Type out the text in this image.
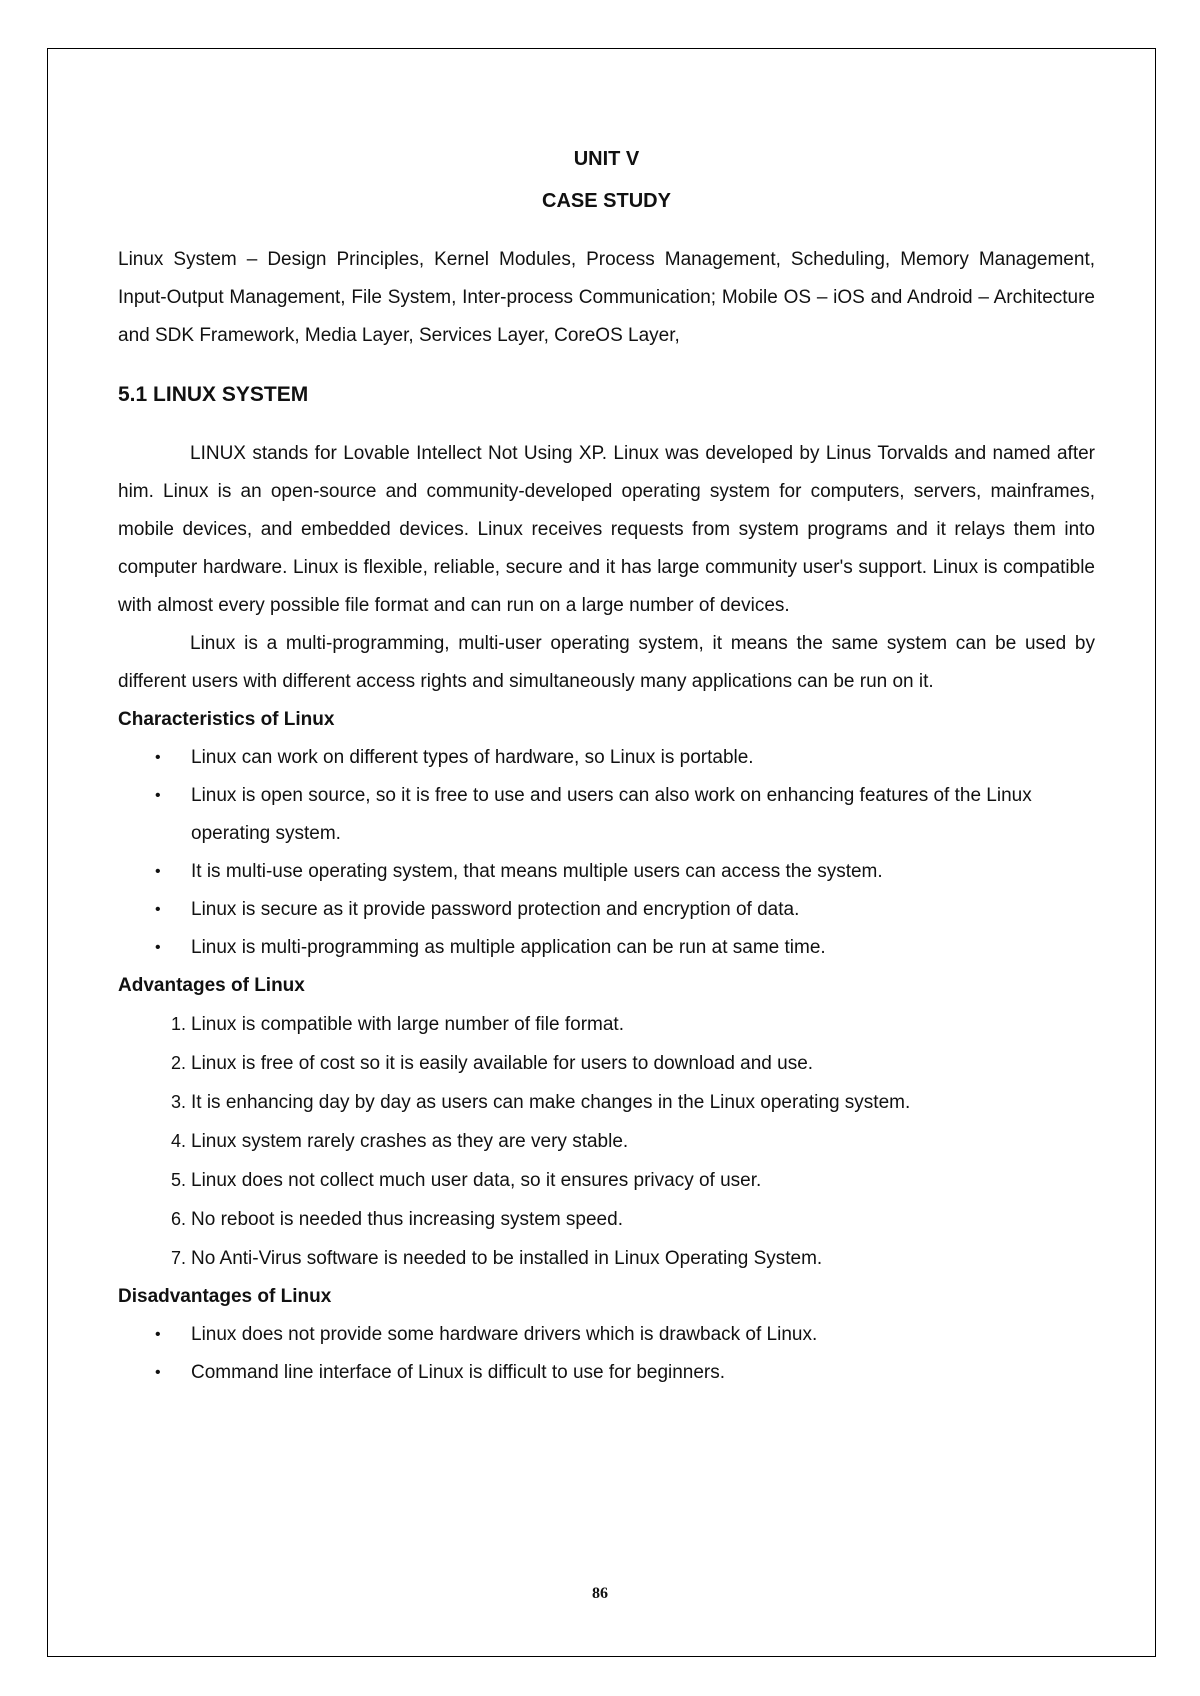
UNIT V
CASE STUDY

Linux System – Design Principles, Kernel Modules, Process Management, Scheduling, Memory Management, Input-Output Management, File System, Inter-process Communication; Mobile OS – iOS and Android – Architecture and SDK Framework, Media Layer, Services Layer, CoreOS Layer,

5.1 LINUX SYSTEM

LINUX stands for Lovable Intellect Not Using XP. Linux was developed by Linus Torvalds and named after him. Linux is an open-source and community-developed operating system for computers, servers, mainframes, mobile devices, and embedded devices. Linux receives requests from system programs and it relays them into computer hardware. Linux is flexible, reliable, secure and it has large community user's support. Linux is compatible with almost every possible file format and can run on a large number of devices.

Linux is a multi-programming, multi-user operating system, it means the same system can be used by different users with different access rights and simultaneously many applications can be run on it.

Characteristics of Linux
• Linux can work on different types of hardware, so Linux is portable.
• Linux is open source, so it is free to use and users can also work on enhancing features of the Linux operating system.
• It is multi-use operating system, that means multiple users can access the system.
• Linux is secure as it provide password protection and encryption of data.
• Linux is multi-programming as multiple application can be run at same time.
Advantages of Linux
1. Linux is compatible with large number of file format.
2. Linux is free of cost so it is easily available for users to download and use.
3. It is enhancing day by day as users can make changes in the Linux operating system.
4. Linux system rarely crashes as they are very stable.
5. Linux does not collect much user data, so it ensures privacy of user.
6. No reboot is needed thus increasing system speed.
7. No Anti-Virus software is needed to be installed in Linux Operating System.
Disadvantages of Linux
• Linux does not provide some hardware drivers which is drawback of Linux.
• Command line interface of Linux is difficult to use for beginners.
86
